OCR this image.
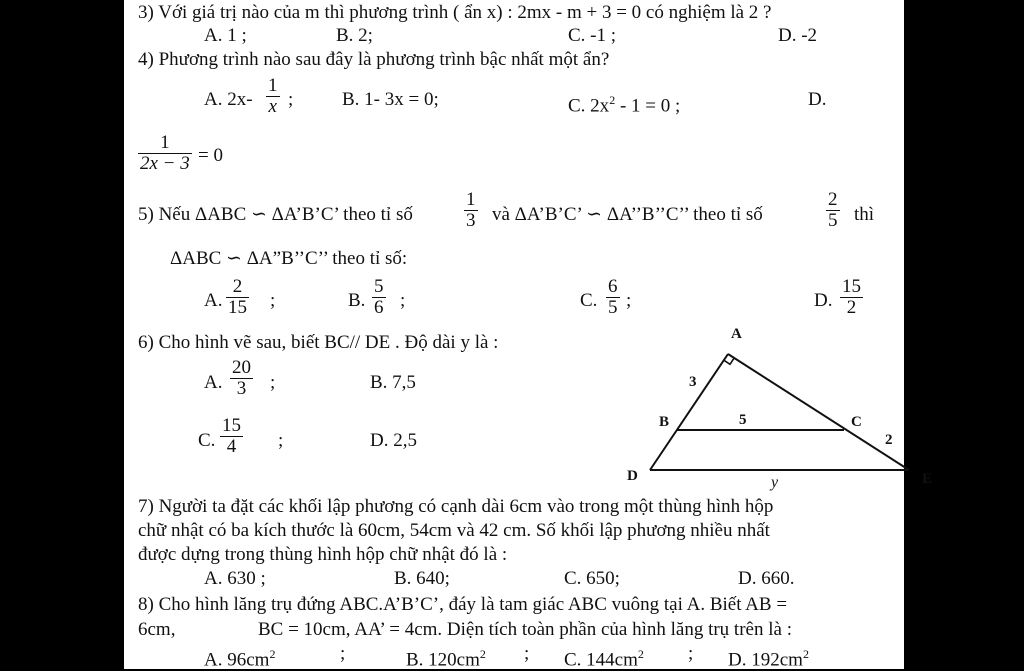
3) Với giá trị nào của m thì phương trình ( ẩn x) : 2mx - m + 3 = 0 có nghiệm là 2 ?
A. 1 ;	B. 2;	C. -1 ;	D. -2
4) Phương trình nào sau đây là phương trình bậc nhất một ẩn?
A. $2x- \frac{1}{x}$ ;	B. 1- 3x = 0;	C. $2x^2 - 1 = 0$ ;	D.
$\frac{1}{2x - 3} = 0$
5) Nếu ΔABC ∽ ΔA’B’C’ theo tỉ số	$\frac{1}{3}$ và ΔA’B’C’ ∽ ΔA’’B’’C’’ theo tỉ số	$\frac{2}{5}$ thì
ΔABC ∽ ΔA”B’’C’’ theo tỉ số:
A. $\frac{2}{15}$ ;	B. $\frac{5}{6}$ ;	C. $\frac{6}{5}$ ;	D. $\frac{15}{2}$
6) Cho hình vẽ sau, biết BC// DE . Độ dài y là :
A. $\frac{20}{3}$ ;	B. 7,5
C. $\frac{15}{4}$ ;	D. 2,5
A
B	C
D
3
5
2
y	E
7) Người ta đặt các khối lập phương có cạnh dài 6cm vào trong một thùng hình hộp
chữ nhật có ba kích thước là 60cm, 54cm và 42 cm. Số khối lập phương nhiều nhất
được dựng trong thùng hình hộp chữ nhật đó là :
A. 630 ;	B. 640;	C. 650;	D. 660.
8) Cho hình lăng trụ đứng ABC.A’B’C’, đáy là tam giác ABC vuông tại A. Biết AB =
6cm,	BC = 10cm, AA’ = 4cm. Diện tích toàn phần của hình lăng trụ trên là :
A. $96cm^2$	;	B. $120cm^2$ ; C. $144cm^2$ ; D. $192cm^2$
